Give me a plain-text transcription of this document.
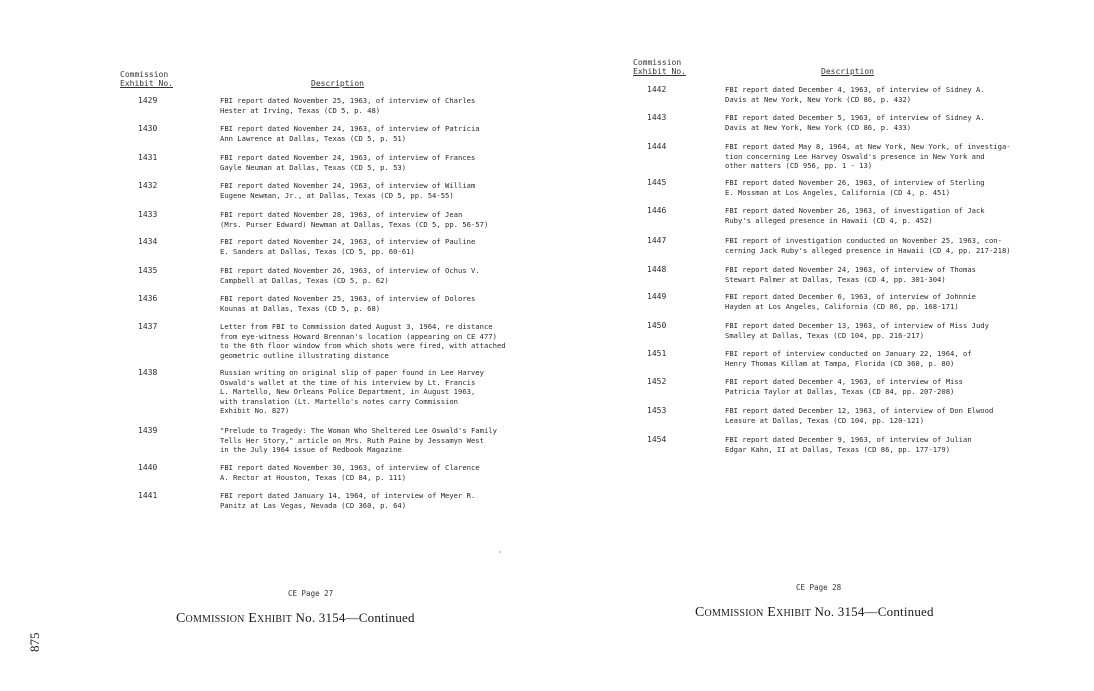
Commission
Exhibit No.	Description
1429	FBI report dated November 25, 1963, of interview of Charles
Hester at Irving, Texas (CD 5, p. 48)
1430	FBI report dated November 24, 1963, of interview of Patricia
Ann Lawrence at Dallas, Texas (CD 5, p. 51)
1431	FBI report dated November 24, 1963, of interview of Frances
Gayle Neuman at Dallas, Texas (CD 5, p. 53)
1432	FBI report dated November 24, 1963, of interview of William
Eugene Newman, Jr., at Dallas, Texas (CD 5, pp. 54-55)
1433	FBI report dated November 28, 1963, of interview of Jean
(Mrs. Purser Edward) Newman at Dallas, Texas (CD 5, pp. 56-57)
1434	FBI report dated November 24, 1963, of interview of Pauline
E. Sanders at Dallas, Texas (CD 5, pp. 60-61)
1435	FBI report dated November 26, 1963, of interview of Ochus V.
Campbell at Dallas, Texas (CD 5, p. 62)
1436	FBI report dated November 25, 1963, of interview of Dolores
Kounas at Dallas, Texas (CD 5, p. 68)
1437	Letter from FBI to Commission dated August 3, 1964, re distance
from eye-witness Howard Brennan's location (appearing on CE 477)
to the 6th floor window from which shots were fired, with attached
geometric outline illustrating distance
1438	Russian writing on original slip of paper found in Lee Harvey
Oswald's wallet at the time of his interview by Lt. Francis
L. Martello, New Orleans Police Department, in August 1963,
with translation (Lt. Martello's notes carry Commission
Exhibit No. 827)
1439	"Prelude to Tragedy: The Woman Who Sheltered Lee Oswald's Family
Tells Her Story," article on Mrs. Ruth Paine by Jessamyn West
in the July 1964 issue of Redbook Magazine
1440	FBI report dated November 30, 1963, of interview of Clarence
A. Rector at Houston, Texas (CD 84, p. 111)
1441	FBI report dated January 14, 1964, of interview of Meyer R.
Panitz at Las Vegas, Nevada (CD 360, p. 64)
CE Page 27
Commission Exhibit No. 3154—Continued
Commission
Exhibit No.	Description
1442	FBI report dated December 4, 1963, of interview of Sidney A.
Davis at New York, New York (CD 86, p. 432)
1443	FBI report dated December 5, 1963, of interview of Sidney A.
Davis at New York, New York (CD 86, p. 433)
1444	FBI report dated May 8, 1964, at New York, New York, of investiga-
tion concerning Lee Harvey Oswald's presence in New York and
other matters (CD 956, pp. 1 - 13)
1445	FBI report dated November 26, 1963, of interview of Sterling
E. Mossman at Los Angeles, California (CD 4, p. 451)
1446	FBI report dated November 26, 1963, of investigation of Jack
Ruby's alleged presence in Hawaii (CD 4, p. 452)
1447	FBI report of investigation conducted on November 25, 1963, con-
cerning Jack Ruby's alleged presence in Hawaii (CD 4, pp. 217-218)
1448	FBI report dated November 24, 1963, of interview of Thomas
Stewart Palmer at Dallas, Texas (CD 4, pp. 301-304)
1449	FBI report dated December 6, 1963, of interview of Johnnie
Hayden at Los Angeles, California (CD 86, pp. 168-171)
1450	FBI report dated December 13, 1963, of interview of Miss Judy
Smalley at Dallas, Texas (CD 104, pp. 216-217)
1451	FBI report of interview conducted on January 22, 1964, of
Henry Thomas Killam at Tampa, Florida (CD 360, p. 80)
1452	FBI report dated December 4, 1963, of interview of Miss
Patricia Taylor at Dallas, Texas (CD 84, pp. 207-208)
1453	FBI report dated December 12, 1963, of interview of Don Elwood
Leasure at Dallas, Texas (CD 104, pp. 120-121)
1454	FBI report dated December 9, 1963, of interview of Julian
Edgar Kahn, II at Dallas, Texas (CD 86, pp. 177-179)
CE Page 28
Commission Exhibit No. 3154—Continued
875
